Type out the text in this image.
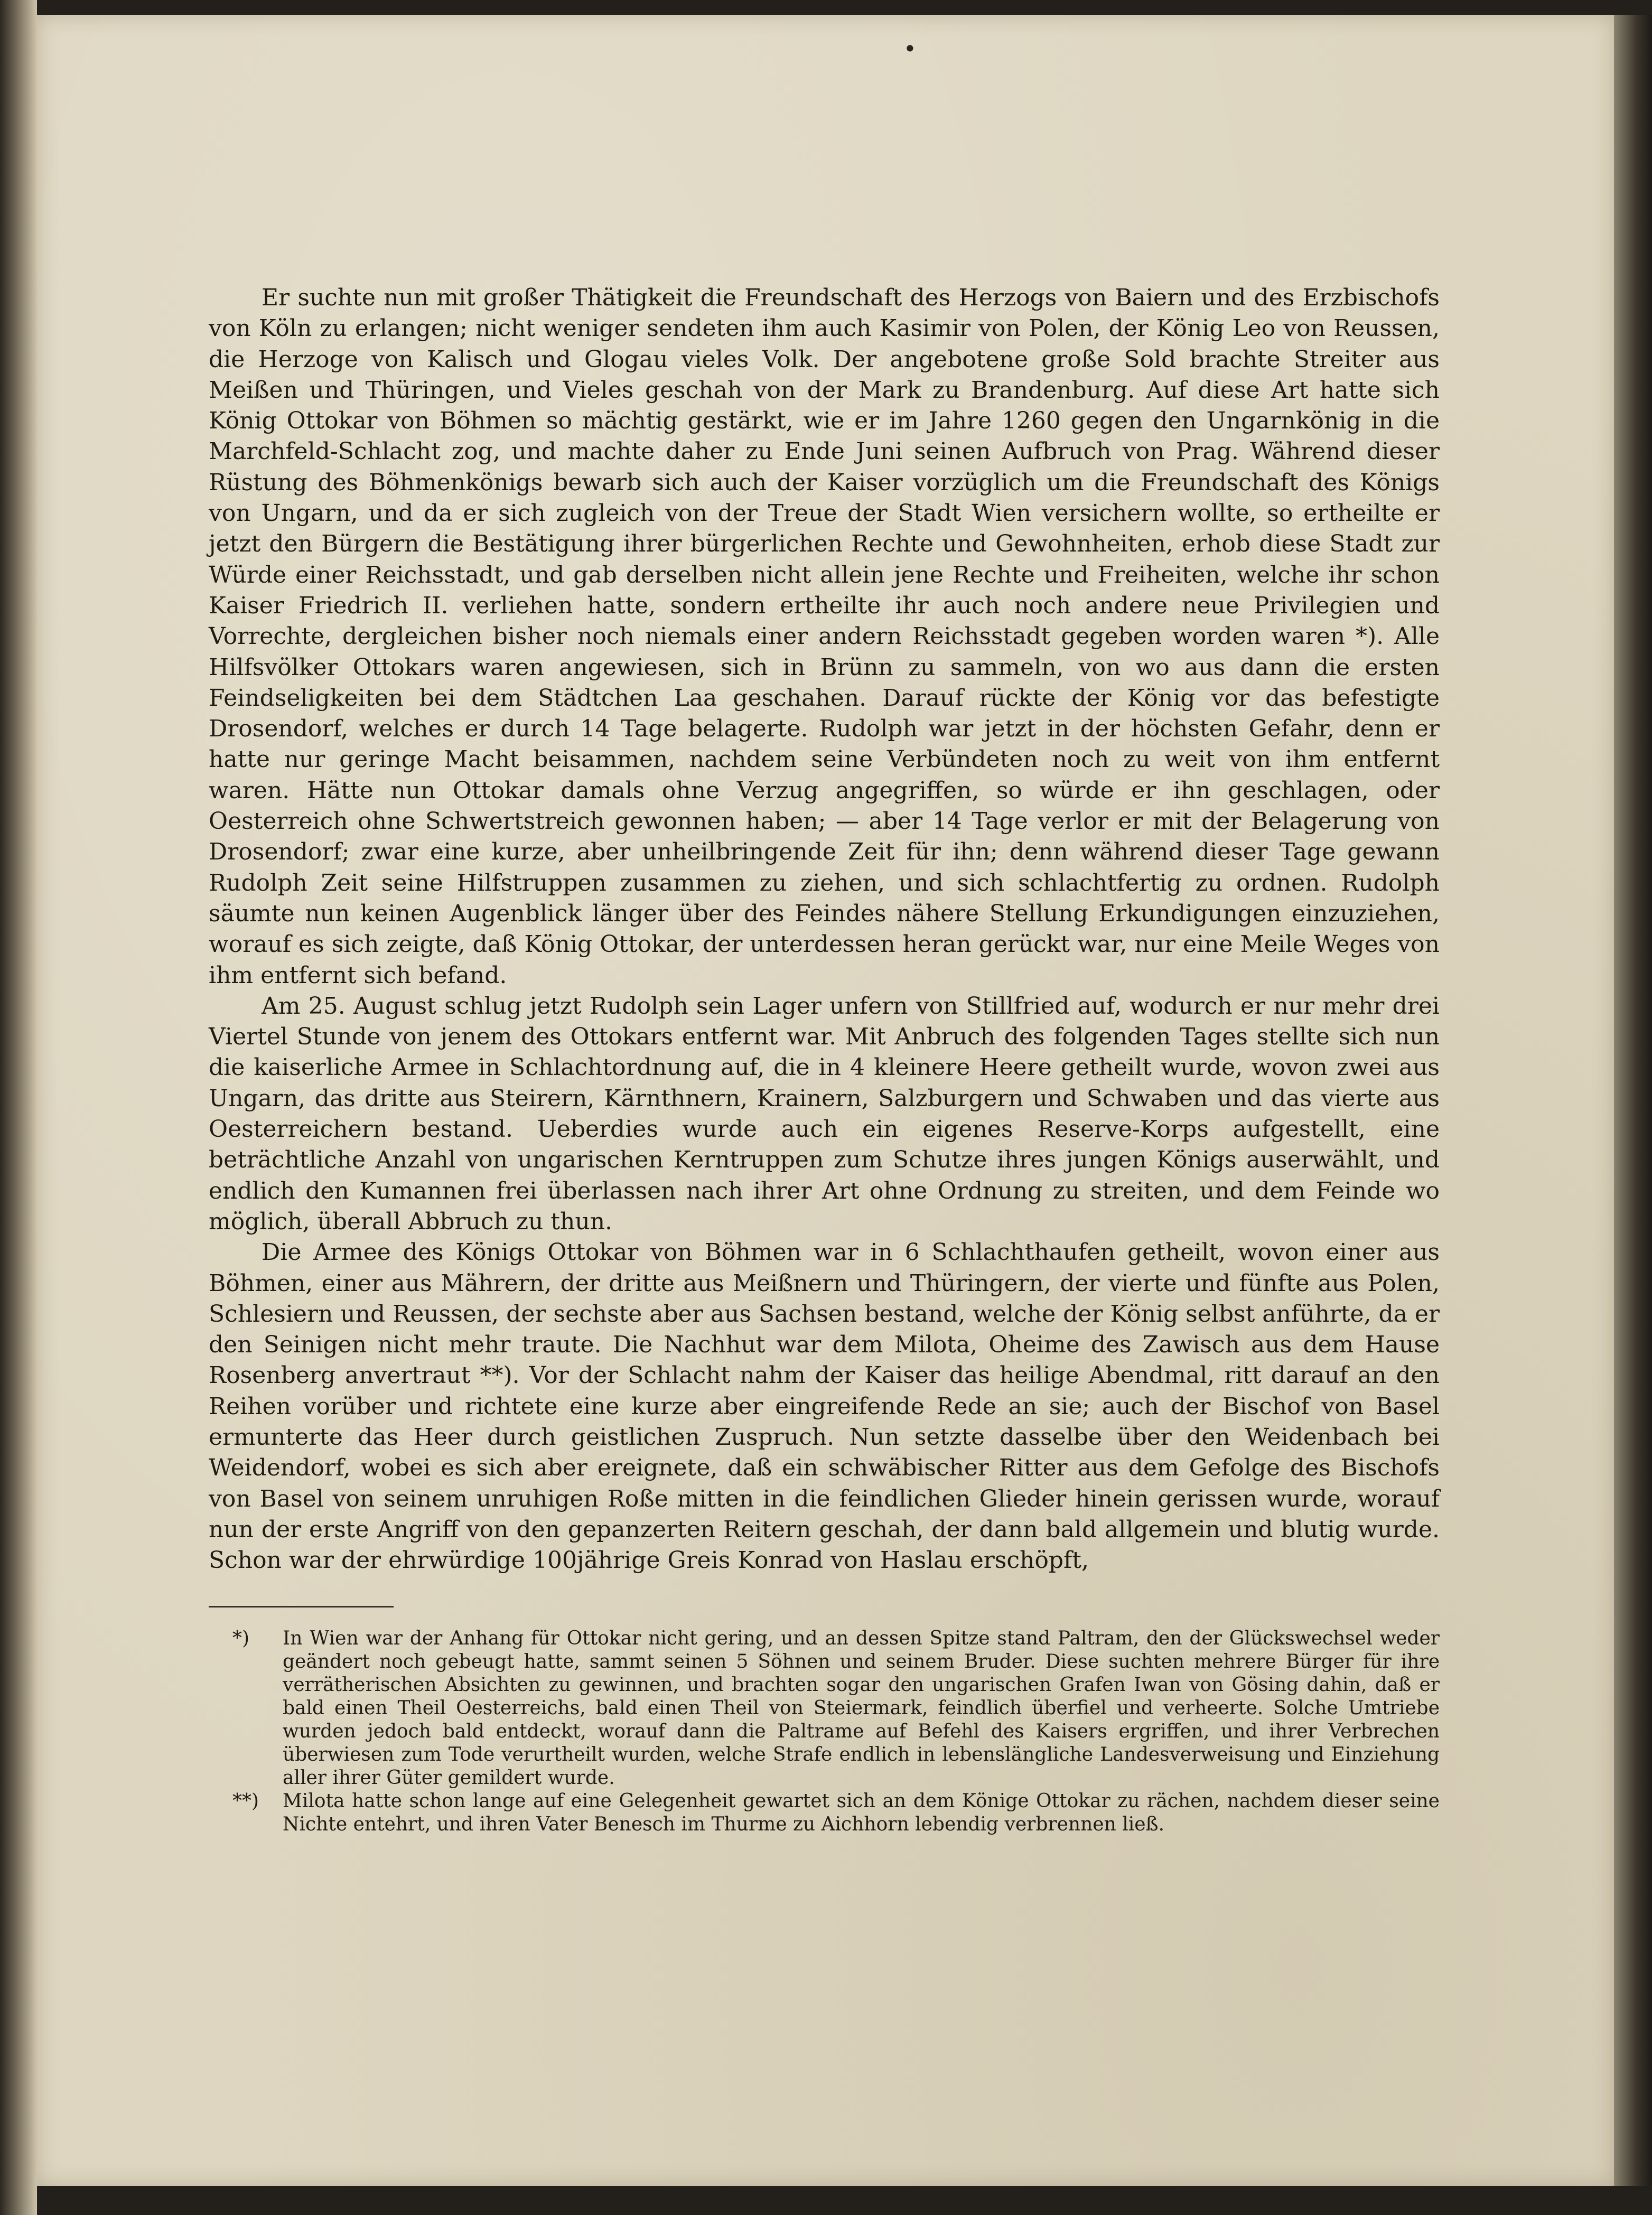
•

Er suchte nun mit großer Thätigkeit die Freundschaft des Herzogs von Baiern und des Erzbischofs von Köln zu erlangen; nicht weniger sendeten ihm auch Kasimir von Polen, der König Leo von Reussen, die Herzoge von Kalisch und Glogau vieles Volk. Der angebotene große Sold brachte Streiter aus Meißen und Thüringen, und Vieles geschah von der Mark zu Brandenburg. Auf diese Art hatte sich König Ottokar von Böhmen so mächtig gestärkt, wie er im Jahre 1260 gegen den Ungarnkönig in die Marchfeld-Schlacht zog, und machte daher zu Ende Juni seinen Aufbruch von Prag. Während dieser Rüstung des Böhmenkönigs bewarb sich auch der Kaiser vorzüglich um die Freundschaft des Königs von Ungarn, und da er sich zugleich von der Treue der Stadt Wien versichern wollte, so ertheilte er jetzt den Bürgern die Bestätigung ihrer bürgerlichen Rechte und Gewohnheiten, erhob diese Stadt zur Würde einer Reichsstadt, und gab derselben nicht allein jene Rechte und Freiheiten, welche ihr schon Kaiser Friedrich II. verliehen hatte, sondern ertheilte ihr auch noch andere neue Privilegien und Vorrechte, dergleichen bisher noch niemals einer andern Reichsstadt gegeben worden waren *). Alle Hilfsvölker Ottokars waren angewiesen, sich in Brünn zu sammeln, von wo aus dann die ersten Feindseligkeiten bei dem Städtchen Laa geschahen. Darauf rückte der König vor das befestigte Drosendorf, welches er durch 14 Tage belagerte. Rudolph war jetzt in der höchsten Gefahr, denn er hatte nur geringe Macht beisammen, nachdem seine Verbündeten noch zu weit von ihm entfernt waren. Hätte nun Ottokar damals ohne Verzug angegriffen, so würde er ihn geschlagen, oder Oesterreich ohne Schwertstreich gewonnen haben; — aber 14 Tage verlor er mit der Belagerung von Drosendorf; zwar eine kurze, aber unheilbringende Zeit für ihn; denn während dieser Tage gewann Rudolph Zeit seine Hilfstruppen zusammen zu ziehen, und sich schlachtfertig zu ordnen. Rudolph säumte nun keinen Augenblick länger über des Feindes nähere Stellung Erkundigungen einzuziehen, worauf es sich zeigte, daß König Ottokar, der unterdessen heran gerückt war, nur eine Meile Weges von ihm entfernt sich befand.

Am 25. August schlug jetzt Rudolph sein Lager unfern von Stillfried auf, wodurch er nur mehr drei Viertel Stunde von jenem des Ottokars entfernt war. Mit Anbruch des folgenden Tages stellte sich nun die kaiserliche Armee in Schlachtordnung auf, die in 4 kleinere Heere getheilt wurde, wovon zwei aus Ungarn, das dritte aus Steirern, Kärnthnern, Krainern, Salzburgern und Schwaben und das vierte aus Oesterreichern bestand. Ueberdies wurde auch ein eigenes Reserve-Korps aufgestellt, eine beträchtliche Anzahl von ungarischen Kerntruppen zum Schutze ihres jungen Königs auserwählt, und endlich den Kumannen frei überlassen nach ihrer Art ohne Ordnung zu streiten, und dem Feinde wo möglich, überall Abbruch zu thun.

Die Armee des Königs Ottokar von Böhmen war in 6 Schlachthaufen getheilt, wovon einer aus Böhmen, einer aus Mährern, der dritte aus Meißnern und Thüringern, der vierte und fünfte aus Polen, Schlesiern und Reussen, der sechste aber aus Sachsen bestand, welche der König selbst anführte, da er den Seinigen nicht mehr traute. Die Nachhut war dem Milota, Oheime des Zawisch aus dem Hause Rosenberg anvertraut **). Vor der Schlacht nahm der Kaiser das heilige Abendmal, ritt darauf an den Reihen vorüber und richtete eine kurze aber eingreifende Rede an sie; auch der Bischof von Basel ermunterte das Heer durch geistlichen Zuspruch. Nun setzte dasselbe über den Weidenbach bei Weidendorf, wobei es sich aber ereignete, daß ein schwäbischer Ritter aus dem Gefolge des Bischofs von Basel von seinem unruhigen Roße mitten in die feindlichen Glieder hinein gerissen wurde, worauf nun der erste Angriff von den gepanzerten Reitern geschah, der dann bald allgemein und blutig wurde. Schon war der ehrwürdige 100jährige Greis Konrad von Haslau erschöpft,

*)	In Wien war der Anhang für Ottokar nicht gering, und an dessen Spitze stand Paltram, den der Glückswechsel weder geändert noch gebeugt hatte, sammt seinen 5 Söhnen und seinem Bruder. Diese suchten mehrere Bürger für ihre verrätherischen Absichten zu gewinnen, und brachten sogar den ungarischen Grafen Iwan von Gösing dahin, daß er bald einen Theil Oesterreichs, bald einen Theil von Steiermark, feindlich überfiel und verheerte. Solche Umtriebe wurden jedoch bald entdeckt, worauf dann die Paltrame auf Befehl des Kaisers ergriffen, und ihrer Verbrechen überwiesen zum Tode verurtheilt wurden, welche Strafe endlich in lebenslängliche Landesverweisung und Einziehung aller ihrer Güter gemildert wurde.
**)	Milota hatte schon lange auf eine Gelegenheit gewartet sich an dem Könige Ottokar zu rächen, nachdem dieser seine Nichte entehrt, und ihren Vater Benesch im Thurme zu Aichhorn lebendig verbrennen ließ.
